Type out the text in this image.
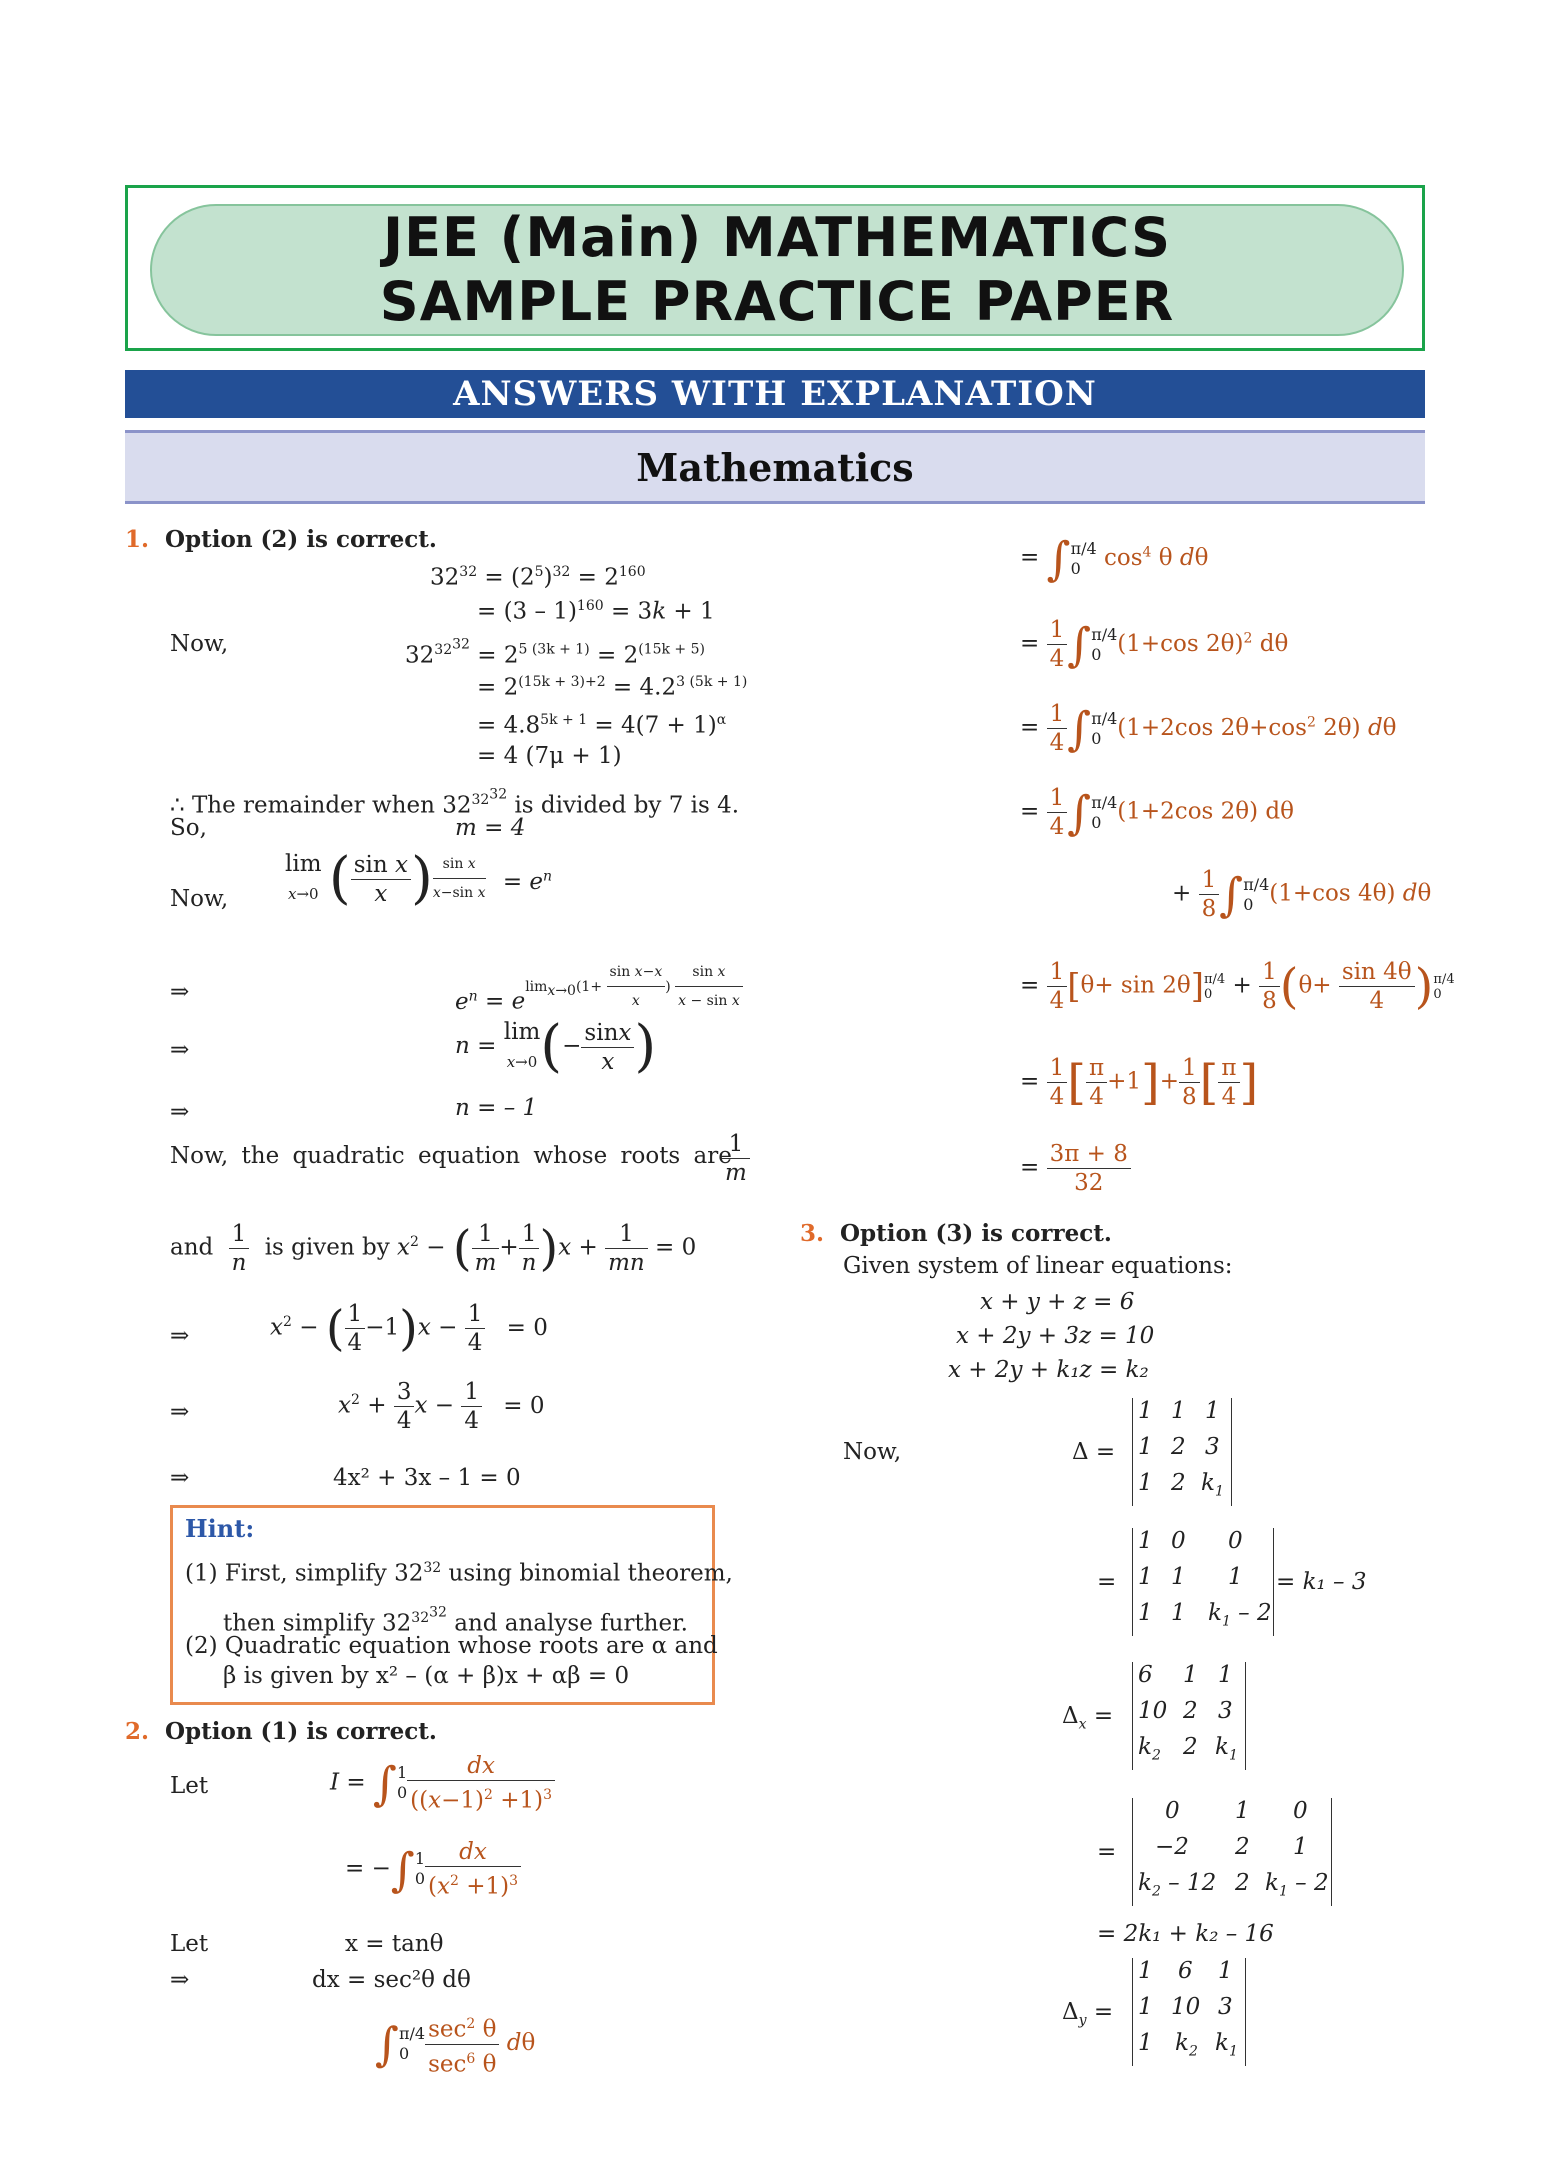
JEE (Main) MATHEMATICS
SAMPLE PRACTICE PAPER
ANSWERS WITH EXPLANATION
Mathematics
1. Option (2) is correct.
$32^{32} = (2^5)^{32} = 2^{160}$
= (3 – 1)$^{160}$ = 3k + 1
Now,	$32^{32^{32}} = 2^{5 (3k + 1)} = 2^{(15k + 5)}$
= $2^{(15k + 3)+2} = 4.2^{3 (5k + 1)}$
= $4.8^{5k + 1} = 4(7 + 1)^\alpha$
= 4 (7μ + 1)
∴ The remainder when $32^{32^{32}}$ is divided by 7 is 4.
So,	m = 4
Now,
lim
x→0 ( $\frac{\text{sin x}}{x}$ ) $\frac{\text{sin x}}{\text{x−sin x}} = e^n$
⇒	$e^n = e^{lim_{x\to 0}(1+ \frac{\text{sin x−x}}{x} ) \frac{\text{sin x}}{\text{x − sin x}}}$
⇒	n = lim
$x\to 0(- \frac{\sin x}{x}$ )
⇒	n = – 1
Now, the quadratic equation whose roots are
$\frac{1}{m}$
and $\frac{1}{n}$ is given by $x^2$ − ( $\frac{1}{m} + \frac{1}{n} )x + \frac{1}{mn} = 0$
⇒	$x^2$ − ( $\frac{1}{4} -1)x - \frac{1}{4} = 0$
⇒	$x^2 + \frac{3}{4}$ $x - \frac{1}{4} = 0$
⇒	4x² + 3x – 1 = 0
Hint:
(1) First, simplify $32^{32}$ using binomial theorem,
then simplify $32^{32^{32}}$ and analyse further.
(2) Quadratic equation whose roots are α and
β is given by x² – (α + β)x + αβ = 0
2. Option (1) is correct.
Let	I = ∫1
$0 \frac{dx}{((x-1)^2 +1)^3}$
= −∫1
$0 \frac{dx}{(x^2 +1)^3}$
Let	x = tanθ
⇒	dx = sec²θ dθ
∫π/4
$0 \frac{\sec^2 \theta}{\sec^6 \theta}$ dθ
= ∫π/4
0 $\cos^4 \theta$ dθ
= $\frac{1}{4} \int\pi/4$
0 (1+cos 2θ)$^2$ dθ
= $\frac{1}{4} \int\pi/4$
0 (1+2cos $2\theta+\cos^2$ 2θ) dθ
= $\frac{1}{4} \int\pi/4$
0 (1+2cos 2θ) dθ
+ $\frac{1}{8} \int\pi/4$
0 (1+cos 4θ) dθ
= $\frac{1}{4} [\theta+ \sin 2\theta]\pi/4$
$0 + \frac{1}{8} (\theta+ \frac{\sin 4\theta}{4} )\pi/4$
0
= $\frac{1}{4}$ [ $\frac{\pi}{4} +1]+ \frac{1}{8}$ [ $\frac{\pi}{4}$ ]
= $\frac{3\pi + 8}{32}$
3. Option (3) is correct.
Given system of linear equations:
x + y + z = 6
x + 2y + 3z = 10
x + 2y + k₁z = k₂
Now,	Δ =
1 1 1
1 2 3
1 2 $k_1$
=
1 0 0
1 1 1
1 1 $k_1 - 2$
= k₁ – 3
$\Delta_x$ =
6 1 1
10 2 3
$k_2$ 2 $k_1$
=
0 1 0
−2 2 1
$k_2 - 12$ 2 $k_1 - 2$
= 2k₁ + k₂ – 16
$\Delta_y$ =
1 6 1
1 10 3
1 $k_2$ $k_1$
